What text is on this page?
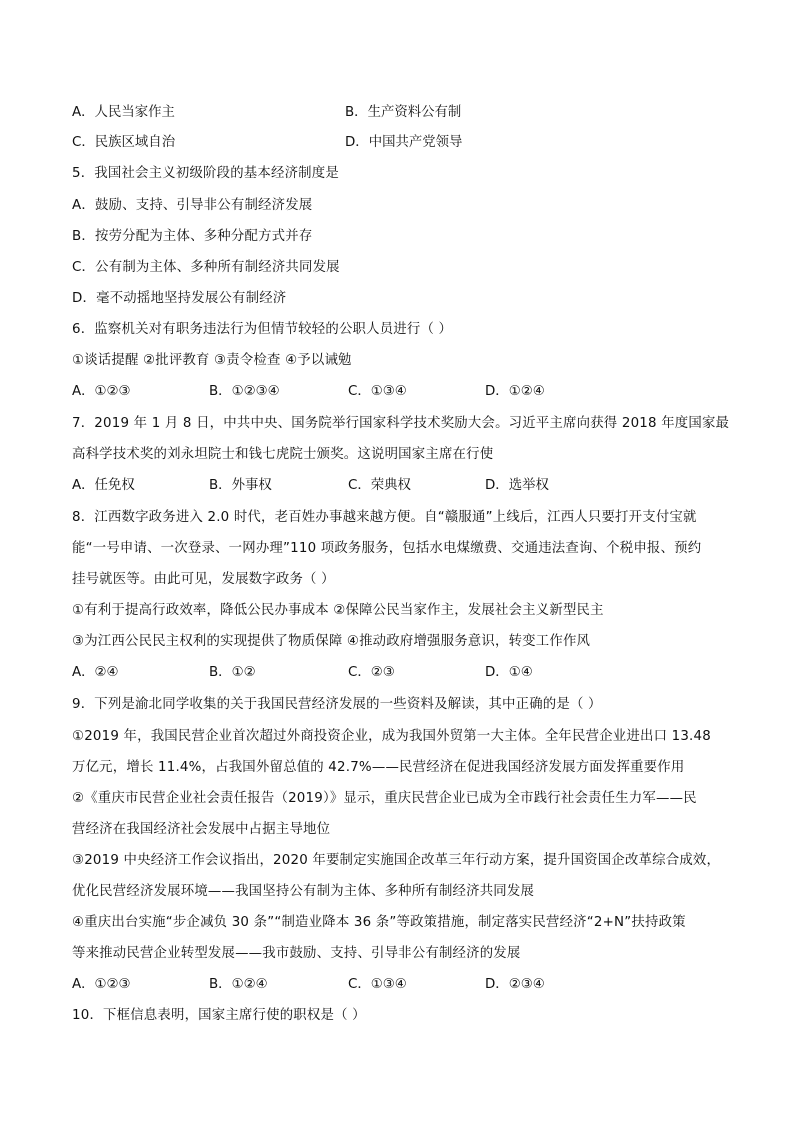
A．人民当家作主	B．生产资料公有制
C．民族区域自治	D．中国共产党领导
5．我国社会主义初级阶段的基本经济制度是
A．鼓励、支持、引导非公有制经济发展
B．按劳分配为主体、多种分配方式并存
C．公有制为主体、多种所有制经济共同发展
D．毫不动摇地坚持发展公有制经济
6．监察机关对有职务违法行为但情节较轻的公职人员进行（ ）
①谈话提醒 ②批评教育 ③责令检查 ④予以诫勉
A．①②③	B．①②③④	C．①③④	D．①②④
7．2019 年 1 月 8 日，中共中央、国务院举行国家科学技术奖励大会。习近平主席向获得 2018 年度国家最
高科学技术奖的刘永坦院士和钱七虎院士颁奖。这说明国家主席在行使
A．任免权	B．外事权	C．荣典权	D．选举权
8．江西数字政务进入 2.0 时代，老百姓办事越来越方便。自“赣服通”上线后，江西人只要打开支付宝就
能“一号申请、一次登录、一网办理”110 项政务服务，包括水电煤缴费、交通违法查询、个税申报、预约
挂号就医等。由此可见，发展数字政务（ ）
①有利于提高行政效率，降低公民办事成本 ②保障公民当家作主，发展社会主义新型民主
③为江西公民民主权利的实现提供了物质保障 ④推动政府增强服务意识，转变工作作风
A．②④	B．①②	C．②③	D．①④
9．下列是渝北同学收集的关于我国民营经济发展的一些资料及解读，其中正确的是（ ）
①2019 年，我国民营企业首次超过外商投资企业，成为我国外贸第一大主体。全年民营企业进出口 13.48
万亿元，增长 11.4%，占我国外留总值的 42.7%——民营经济在促进我国经济发展方面发挥重要作用
②《重庆市民营企业社会责任报告（2019）》显示，重庆民营企业已成为全市践行社会责任生力军——民
营经济在我国经济社会发展中占据主导地位
③2019 中央经济工作会议指出，2020 年要制定实施国企改革三年行动方案，提升国资国企改革综合成效，
优化民营经济发展环境——我国坚持公有制为主体、多种所有制经济共同发展
④重庆出台实施“步企减负 30 条”“制造业降本 36 条”等政策措施，制定落实民营经济“2+N”扶持政策
等来推动民营企业转型发展——我市鼓励、支持、引导非公有制经济的发展
A．①②③	B．①②④	C．①③④	D．②③④
10．下框信息表明，国家主席行使的职权是（ ）
